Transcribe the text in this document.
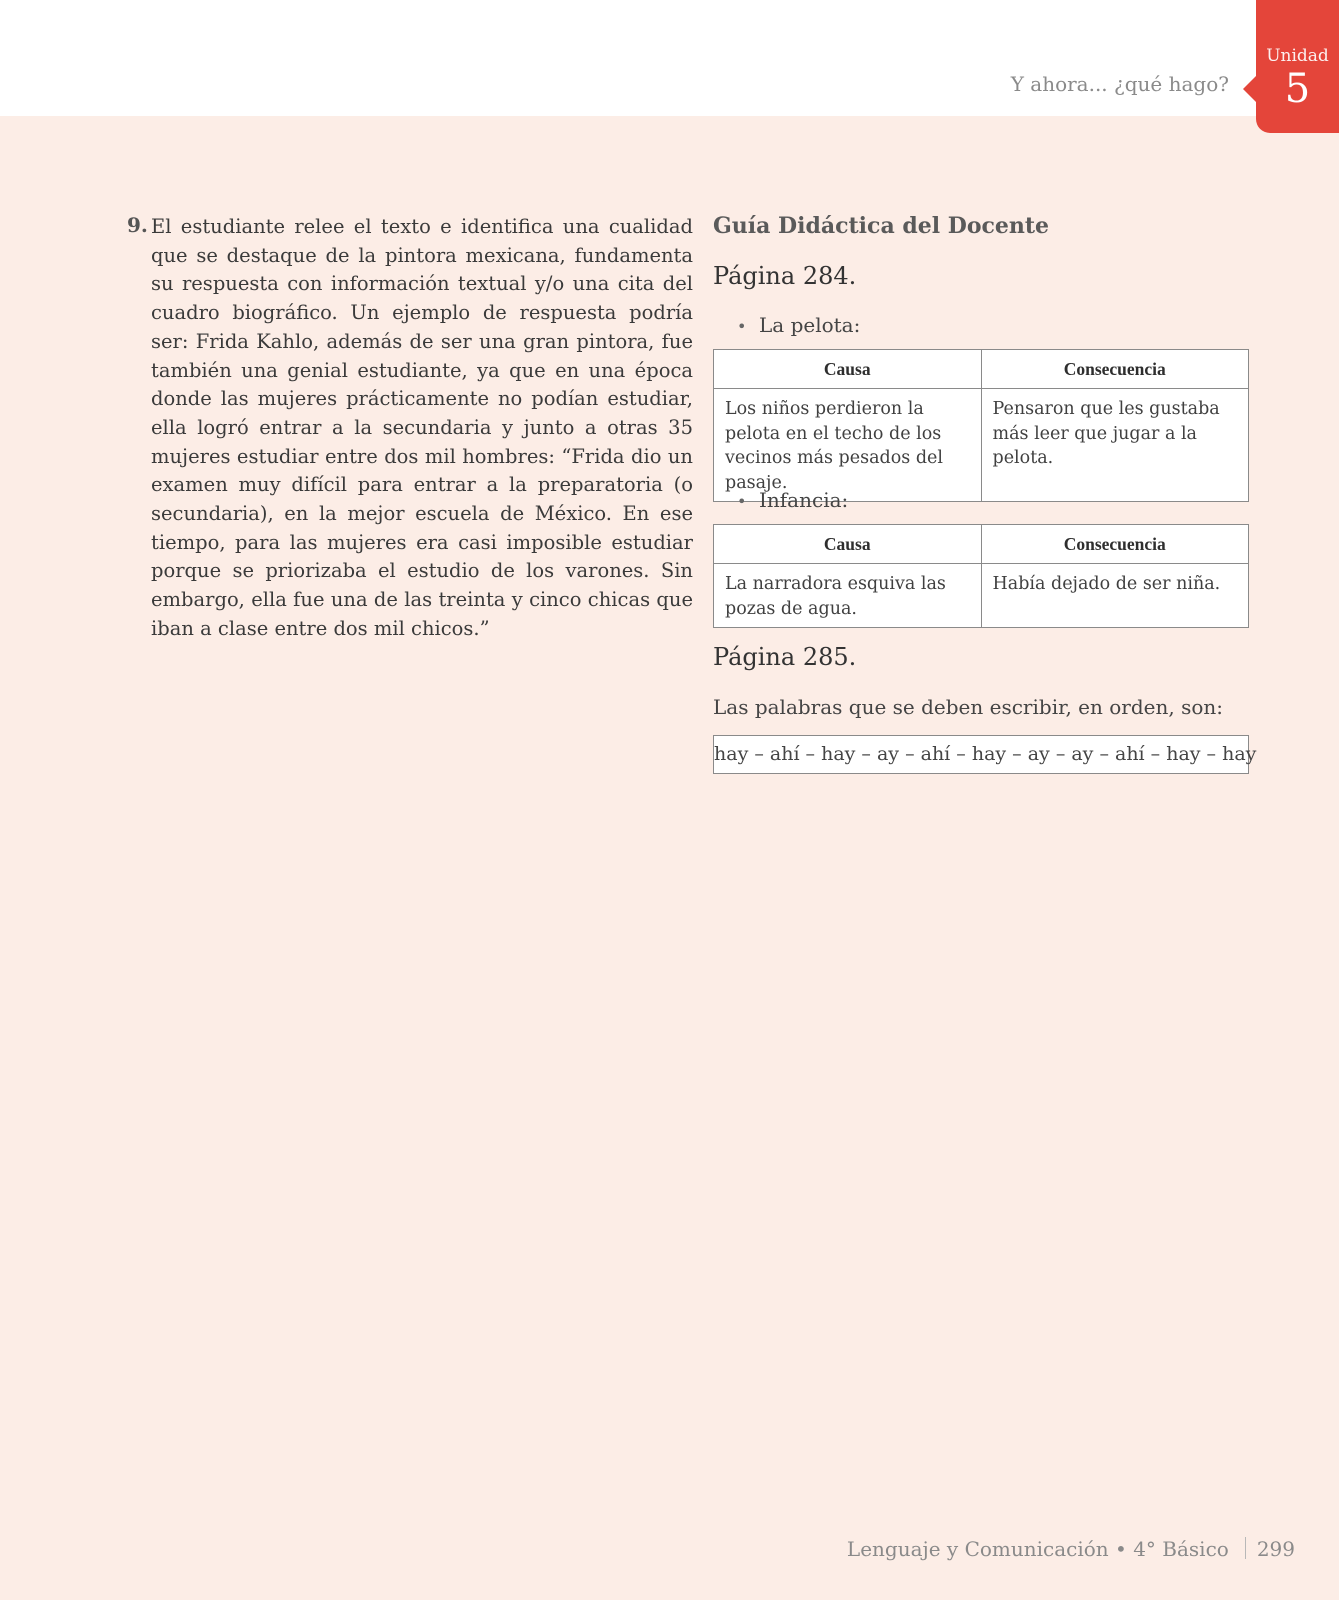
Y ahora... ¿qué hago?
Unidad
5
9. El estudiante relee el texto e identifica una cualidad que se destaque de la pintora mexicana, fundamenta su respuesta con información textual y/o una cita del cuadro biográfico. Un ejemplo de respuesta podría ser: Frida Kahlo, además de ser una gran pintora, fue también una genial estudiante, ya que en una época donde las mujeres prácticamente no podían estudiar, ella logró entrar a la secundaria y junto a otras 35 mujeres estudiar entre dos mil hombres: “Frida dio un examen muy difícil para entrar a la preparatoria (o secundaria), en la mejor escuela de México. En ese tiempo, para las mujeres era casi imposible estudiar porque se priorizaba el estudio de los varones. Sin embargo, ella fue una de las treinta y cinco chicas que iban a clase entre dos mil chicos.”
Guía Didáctica del Docente
Página 284.
• La pelota:
Causa	Consecuencia
Los niños perdieron la pelota en el techo de los vecinos más pesados del pasaje.	Pensaron que les gustaba más leer que jugar a la pelota.
• Infancia:
Causa	Consecuencia
La narradora esquiva las pozas de agua.	Había dejado de ser niña.
Página 285.
Las palabras que se deben escribir, en orden, son:
hay – ahí – hay – ay – ahí – hay – ay – ay – ahí – hay – hay
Lenguaje y Comunicación • 4° Básico 299
